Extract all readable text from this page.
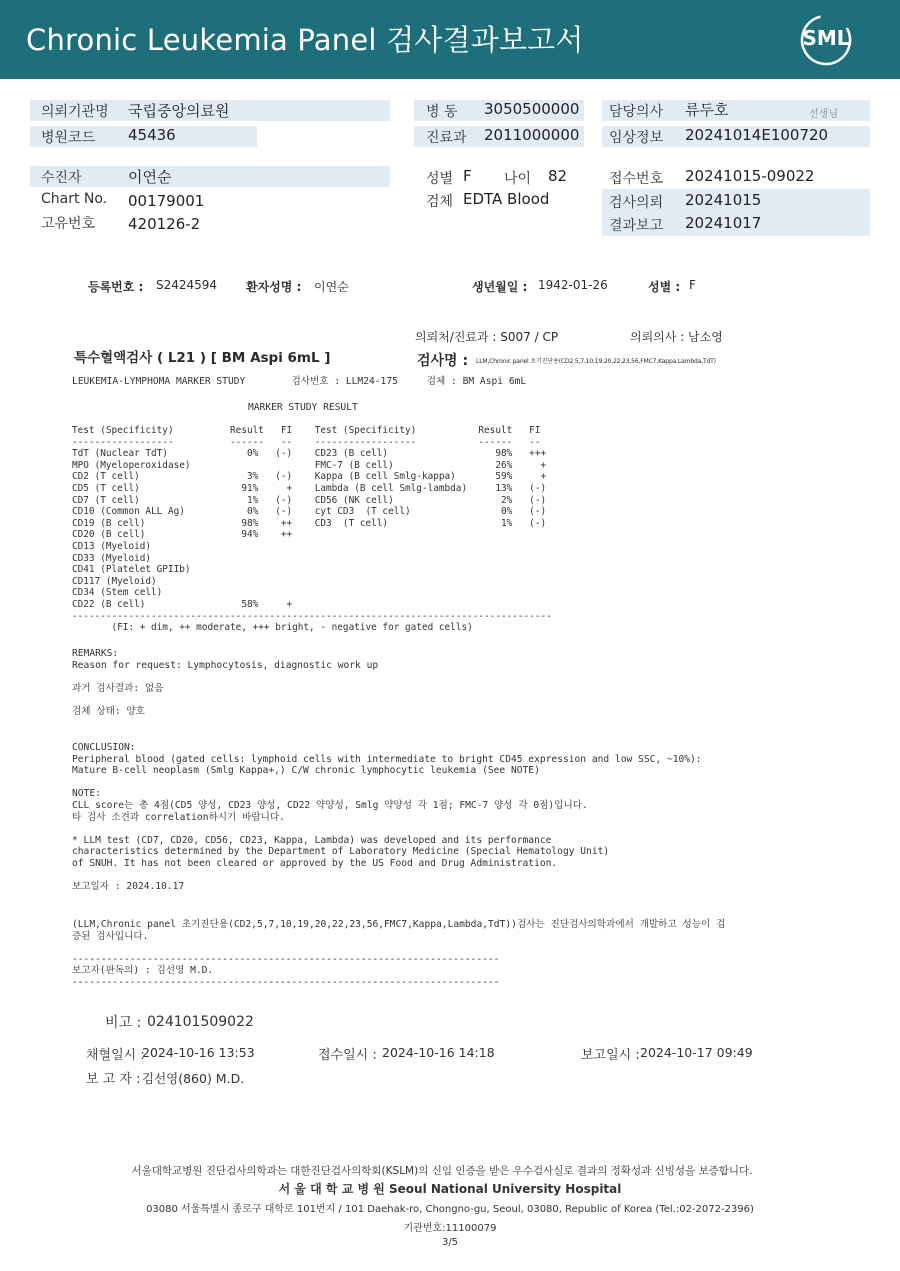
Chronic Leukemia Panel 검사결과보고서	SML
의뢰기관명 국립중앙의료원	병 동 3050500000 담당의사 류두호	선생님
병원코드 45436	진료과 2011000000 임상정보 20241014E100720
수진자	이연순
Chart No. 00179001
고유번호 420126-2
성별 F 나이 82
검체 EDTA Blood
접수번호 20241015-09022
검사의뢰 20241015
결과보고 20241017
등록번호 : S2424594 환자성명 : 이연순	생년월일 : 1942-01-26	성별 : F
의뢰처/진료과 : S007 / CP	의뢰의사 : 남소영
특수혈액검사 ( L21 ) [ BM Aspi 6mL ]	검사명 : LLM,Chronic panel 초기진단용(CD2,5,7,10,19,20,22,23,56,FMC7,Kappa,Lambda,TdT)
LEUKEMIA-LYMPHOMA MARKER STUDY        검사번호 : LLM24-175     검체 : BM Aspi 6mL
MARKER STUDY RESULT
Test (Specificity)          Result   FI    Test (Specificity)           Result   FI
------------------          ------   --    ------------------           ------   --
TdT (Nuclear TdT)              0%   (-)    CD23 (B cell)                   98%   +++
MPO (Myeloperoxidase)                      FMC-7 (B cell)                  26%     +
CD2 (T cell)                   3%   (-)    Kappa (B cell Smlg-kappa)       59%     +
CD5 (T cell)                  91%     +    Lambda (B cell Smlg-lambda)     13%   (-)
CD7 (T cell)                   1%   (-)    CD56 (NK cell)                   2%   (-)
CD10 (Common ALL Ag)           0%   (-)    cyt CD3  (T cell)                0%   (-)
CD19 (B cell)                 98%    ++    CD3  (T cell)                    1%   (-)
CD20 (B cell)                 94%    ++
CD13 (Myeloid)
CD33 (Myeloid)
CD41 (Platelet GPIIb)
CD117 (Myeloid)
CD34 (Stem cell)
CD22 (B cell)                 58%     +
-------------------------------------------------------------------------------------
(FI: + dim, ++ moderate, +++ bright, - negative for gated cells)
REMARKS:
Reason for request: Lymphocytosis, diagnostic work up

과거 검사결과: 없음

검체 상태: 양호
CONCLUSION:
Peripheral blood (gated cells: lymphoid cells with intermediate to bright CD45 expression and low SSC, ~10%):
Mature B-cell neoplasm (Smlg Kappa+,) C/W chronic lymphocytic leukemia (See NOTE)

NOTE:
CLL score는 총 4점(CD5 양성, CD23 양성, CD22 약양성, Smlg 약양성 각 1점; FMC-7 양성 각 0점)입니다.
타 검사 소견과 correlation하시기 바랍니다.

* LLM test (CD7, CD20, CD56, CD23, Kappa, Lambda) was developed and its performance
characteristics determined by the Department of Laboratory Medicine (Special Hematology Unit)
of SNUH. It has not been cleared or approved by the US Food and Drug Administration.

보고일자 : 2024.10.17
(LLM,Chronic panel 초기진단용(CD2,5,7,10,19,20,22,23,56,FMC7,Kappa,Lambda,TdT))검사는 진단검사의학과에서 개발하고 성능이 검
증된 검사입니다.

--------------------------------------------------------------------------
보고자(판독의) : 김선영 M.D.
--------------------------------------------------------------------------
비고 : 024101509022
채혈일시 :
2024-10-16 13:53	접수일시 : 2024-10-16 14:18	보고일시 : 2024-10-17 09:49
보 고 자 : 김선영(860) M.D.
서울대학교병원 진단검사의학과는 대한진단검사의학회(KSLM)의 신임 인증을 받은 우수검사실로 결과의 정확성과 신빙성을 보증합니다.
서 울 대 학 교 병 원 Seoul National University Hospital
03080 서울특별시 종로구 대학로 101번지 / 101 Daehak-ro, Chongno-gu, Seoul, 03080, Republic of Korea (Tel.:02-2072-2396)
기관번호:11100079
3/5
